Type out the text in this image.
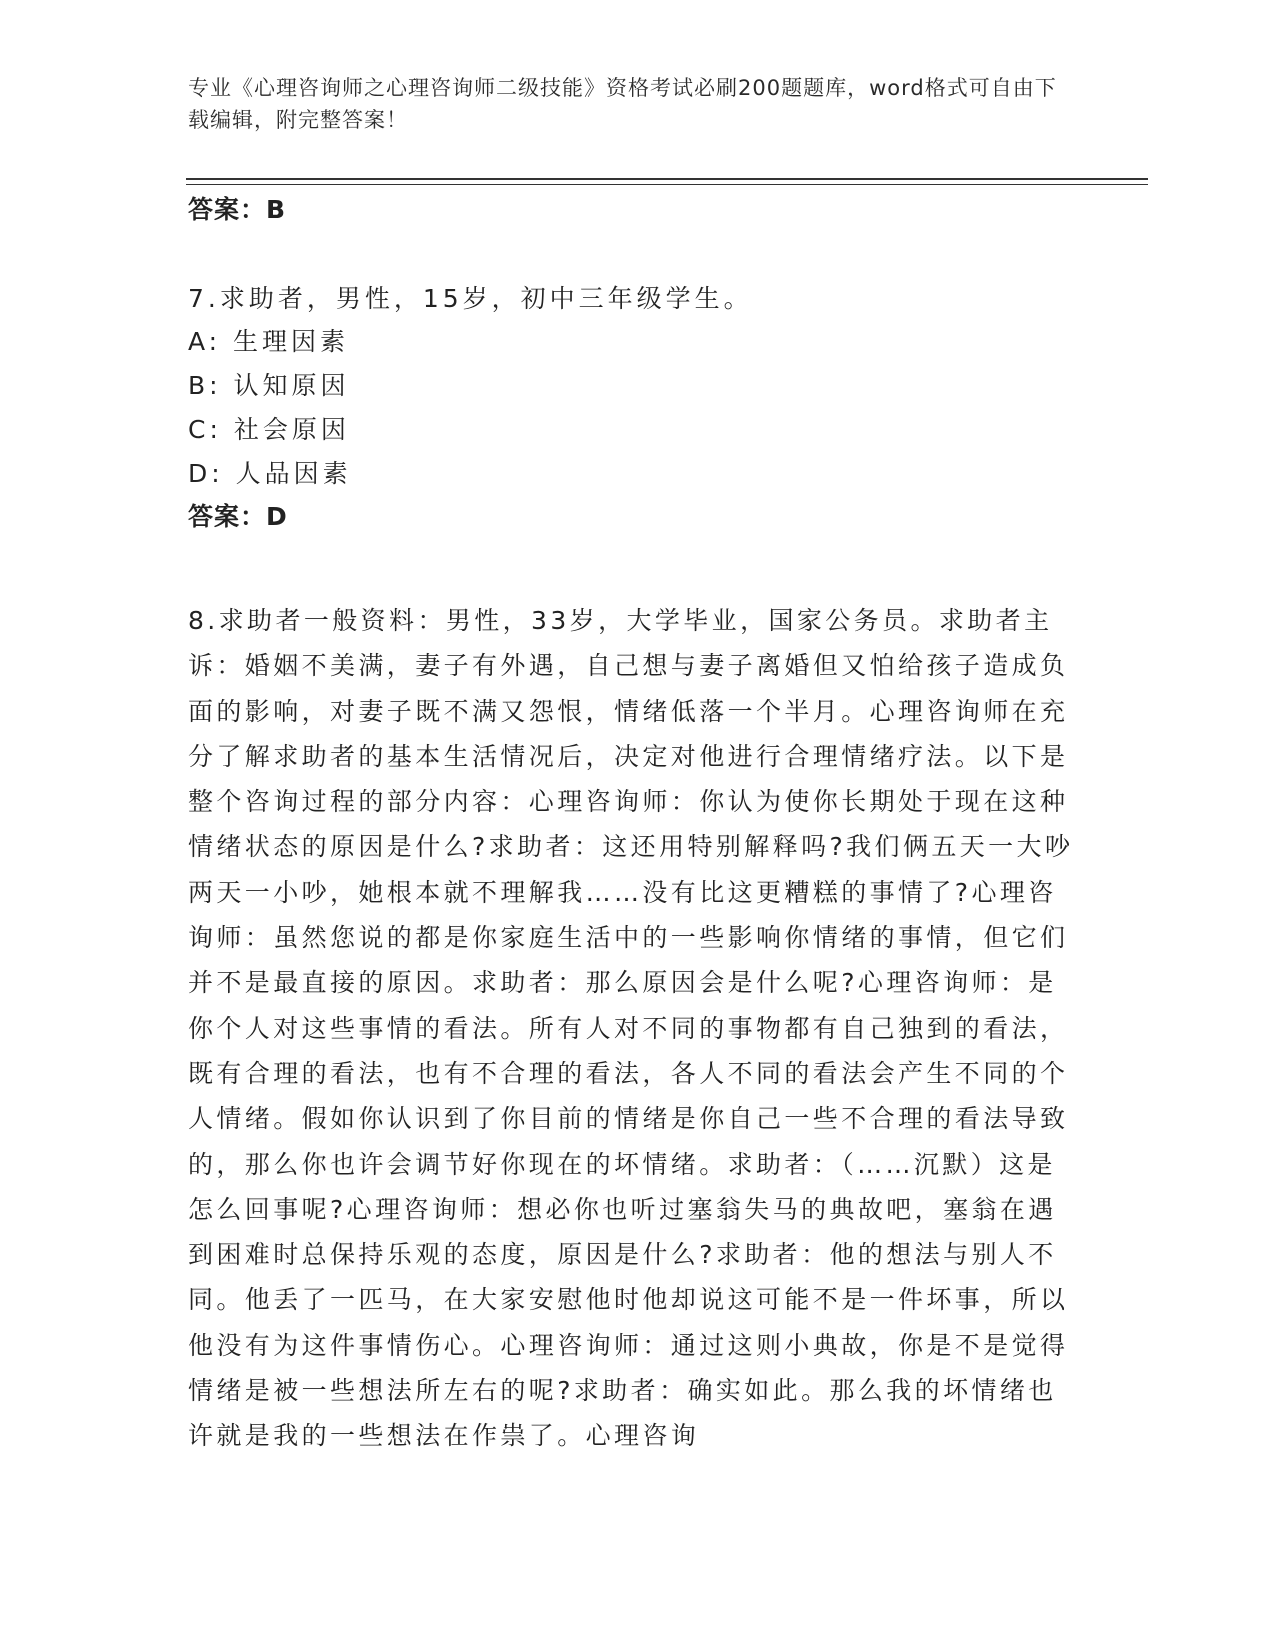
专业《心理咨询师之心理咨询师二级技能》资格考试必刷200题题库，word格式可自由下载编辑，附完整答案！
答案：B
7.求助者，男性，15岁，初中三年级学生。
A: 生理因素
B: 认知原因
C: 社会原因
D: 人品因素
答案：D
8.求助者一般资料：男性，33岁，大学毕业，国家公务员。求助者主诉：婚姻不美满，妻子有外遇，自己想与妻子离婚但又怕给孩子造成负面的影响，对妻子既不满又怨恨，情绪低落一个半月。心理咨询师在充分了解求助者的基本生活情况后，决定对他进行合理情绪疗法。以下是整个咨询过程的部分内容：心理咨询师：你认为使你长期处于现在这种情绪状态的原因是什么?求助者：这还用特别解释吗?我们俩五天一大吵两天一小吵，她根本就不理解我……没有比这更糟糕的事情了?心理咨询师：虽然您说的都是你家庭生活中的一些影响你情绪的事情，但它们并不是最直接的原因。求助者：那么原因会是什么呢?心理咨询师：是你个人对这些事情的看法。所有人对不同的事物都有自己独到的看法，既有合理的看法，也有不合理的看法，各人不同的看法会产生不同的个人情绪。假如你认识到了你目前的情绪是你自己一些不合理的看法导致的，那么你也许会调节好你现在的坏情绪。求助者：（……沉默）这是怎么回事呢?心理咨询师：想必你也听过塞翁失马的典故吧，塞翁在遇到困难时总保持乐观的态度，原因是什么?求助者：他的想法与别人不同。他丢了一匹马，在大家安慰他时他却说这可能不是一件坏事，所以他没有为这件事情伤心。心理咨询师：通过这则小典故，你是不是觉得情绪是被一些想法所左右的呢?求助者：确实如此。那么我的坏情绪也许就是我的一些想法在作祟了。心理咨询
